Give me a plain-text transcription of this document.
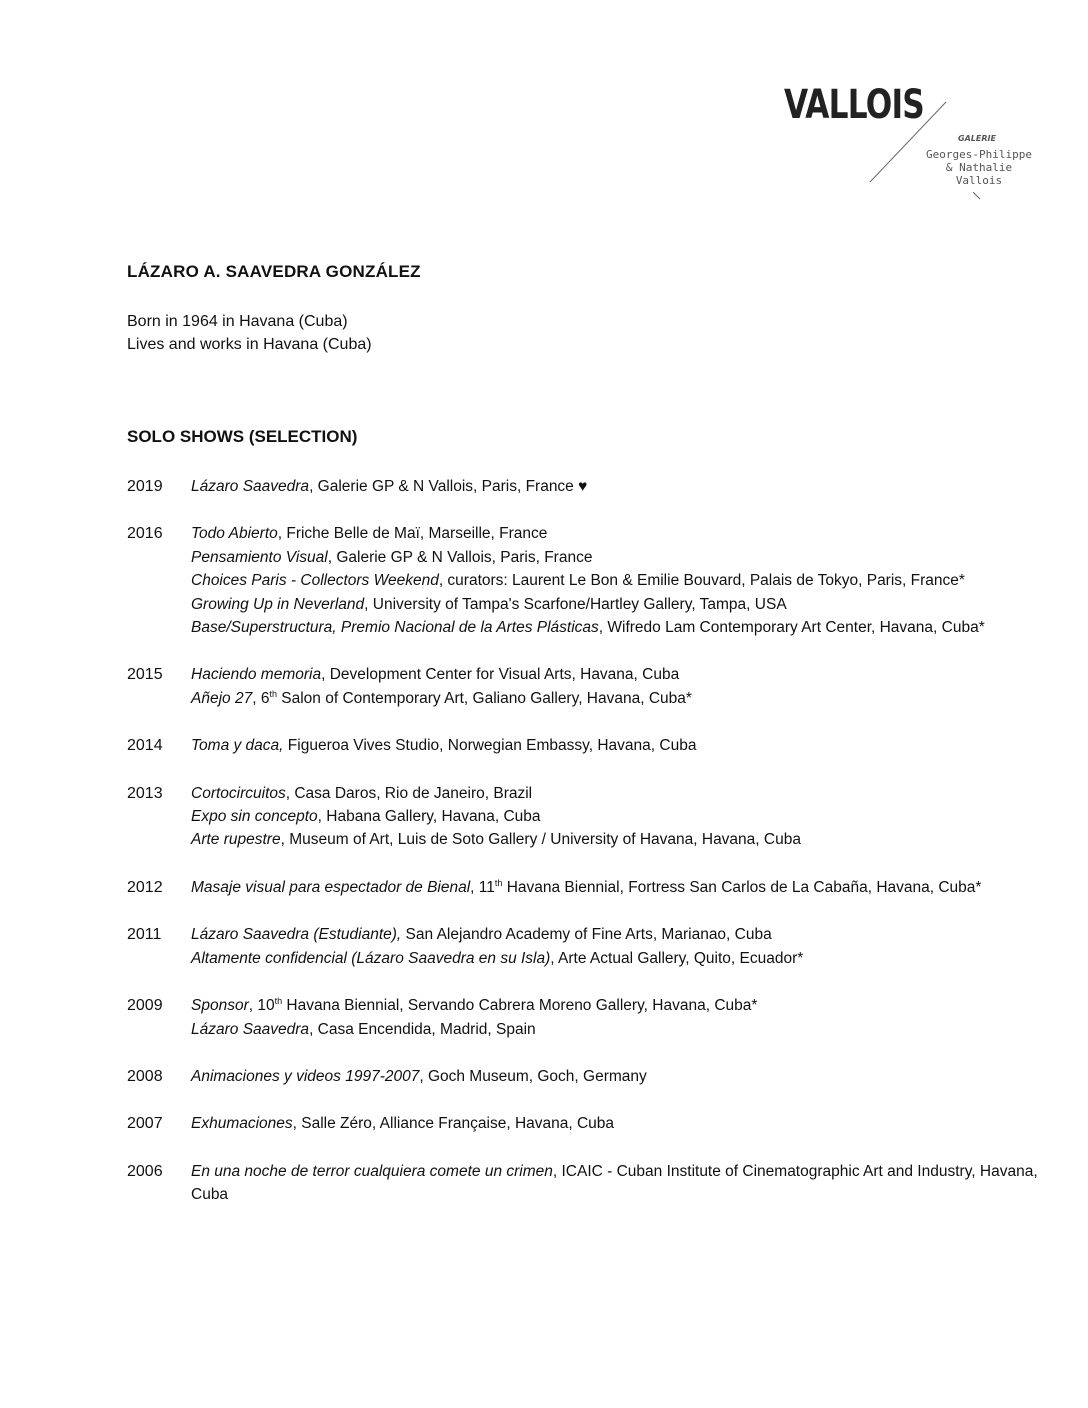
VALLOIS
GALERIE
Georges-Philippe
& Nathalie
Vallois
LÁZARO A. SAAVEDRA GONZÁLEZ
Born in 1964 in Havana (Cuba)
Lives and works in Havana (Cuba)
SOLO SHOWS (SELECTION)
2019	Lázaro Saavedra, Galerie GP & N Vallois, Paris, France ♥
2016	Todo Abierto, Friche Belle de Maï, Marseille, France
Pensamiento Visual, Galerie GP & N Vallois, Paris, France
Choices Paris - Collectors Weekend, curators: Laurent Le Bon & Emilie Bouvard, Palais de Tokyo, Paris, France*
Growing Up in Neverland, University of Tampa's Scarfone/Hartley Gallery, Tampa, USA
Base/Superstructura, Premio Nacional de la Artes Plásticas, Wifredo Lam Contemporary Art Center, Havana, Cuba*
2015	Haciendo memoria, Development Center for Visual Arts, Havana, Cuba
Añejo 27, 6th Salon of Contemporary Art, Galiano Gallery, Havana, Cuba*
2014	Toma y daca, Figueroa Vives Studio, Norwegian Embassy, Havana, Cuba
2013	Cortocircuitos, Casa Daros, Rio de Janeiro, Brazil
Expo sin concepto, Habana Gallery, Havana, Cuba
Arte rupestre, Museum of Art, Luis de Soto Gallery / University of Havana, Havana, Cuba
2012	Masaje visual para espectador de Bienal, 11th Havana Biennial, Fortress San Carlos de La Cabaña, Havana, Cuba*
2011	Lázaro Saavedra (Estudiante), San Alejandro Academy of Fine Arts, Marianao, Cuba
Altamente confidencial (Lázaro Saavedra en su Isla), Arte Actual Gallery, Quito, Ecuador*
2009	Sponsor, 10th Havana Biennial, Servando Cabrera Moreno Gallery, Havana, Cuba*
Lázaro Saavedra, Casa Encendida, Madrid, Spain
2008	Animaciones y videos 1997-2007, Goch Museum, Goch, Germany
2007	Exhumaciones, Salle Zéro, Alliance Française, Havana, Cuba
2006	En una noche de terror cualquiera comete un crimen, ICAIC - Cuban Institute of Cinematographic Art and Industry, Havana, Cuba
